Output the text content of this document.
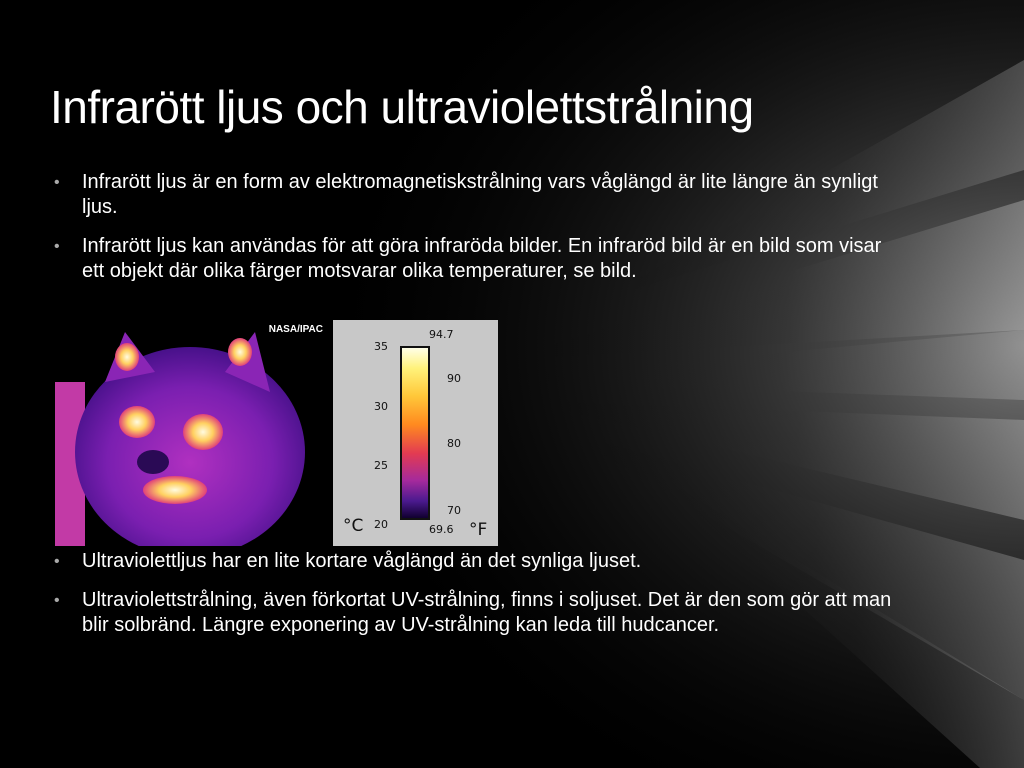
Infrarött ljus och ultraviolettstrålning
• Infrarött ljus är en form av elektromagnetiskstrålning vars våglängd är lite längre än synligt ljus.
• Infrarött ljus kan användas för att göra infraröda bilder. En infraröd bild är en bild som visar ett objekt där olika färger motsvarar olika temperaturer, se bild.
NASA/IPAC
35
30
25
20
94.7
90
80
70
69.6
°C	°F
• Ultraviolettljus har en lite kortare våglängd än det synliga ljuset.
• Ultraviolettstrålning, även förkortat UV-strålning, finns i soljuset. Det är den som gör att man blir solbränd. Längre exponering av UV-strålning kan leda till hudcancer.
